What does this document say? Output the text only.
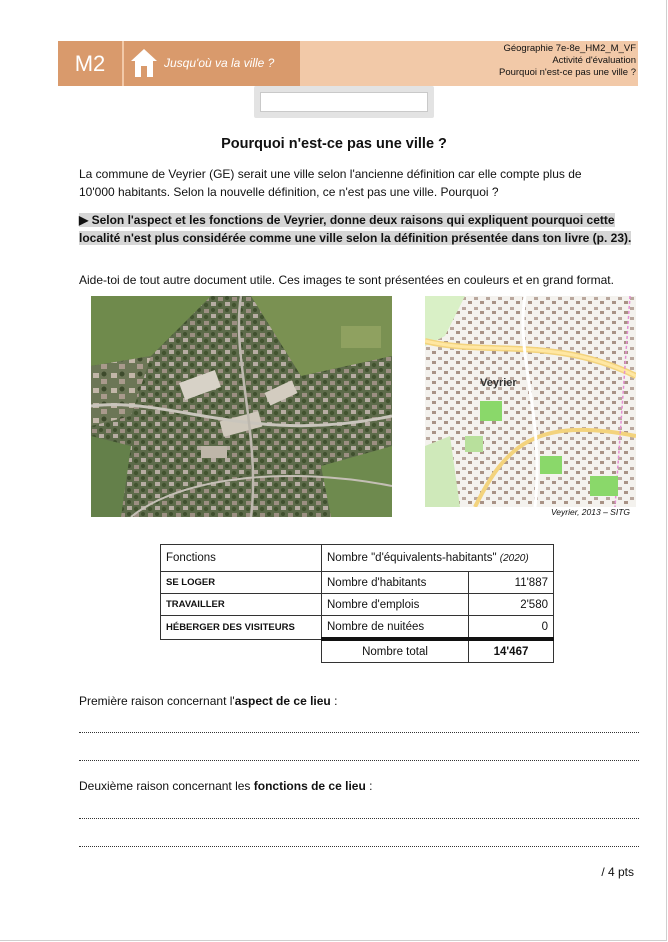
M2	Jusqu'où va la ville ?
Géographie 7e-8e_HM2_M_VF
Activité d'évaluation
Pourquoi n'est-ce pas une ville ?
Pourquoi n'est-ce pas une ville ?

La commune de Veyrier (GE) serait une ville selon l'ancienne définition car elle compte plus de 10'000 habitants. Selon la nouvelle définition, ce n'est pas une ville. Pourquoi ?

▶ Selon l'aspect et les fonctions de Veyrier, donne deux raisons qui expliquent pourquoi cette localité n'est plus considérée comme une ville selon la définition présentée dans ton livre (p. 23).

Aide-toi de tout autre document utile. Ces images te sont présentées en couleurs et en grand format.

Veyrier
Veyrier, 2013 – SITG
Fonctions	Nombre "d'équivalents-habitants" (2020)	
SE LOGER	Nombre d'habitants	11'887
TRAVAILLER	Nombre d'emplois	2'580
HÉBERGER DES VISITEURS	Nombre de nuitées	0
	Nombre total	14'467

Première raison concernant l'aspect de ce lieu :

Deuxième raison concernant les fonctions de ce lieu :

/ 4 pts
